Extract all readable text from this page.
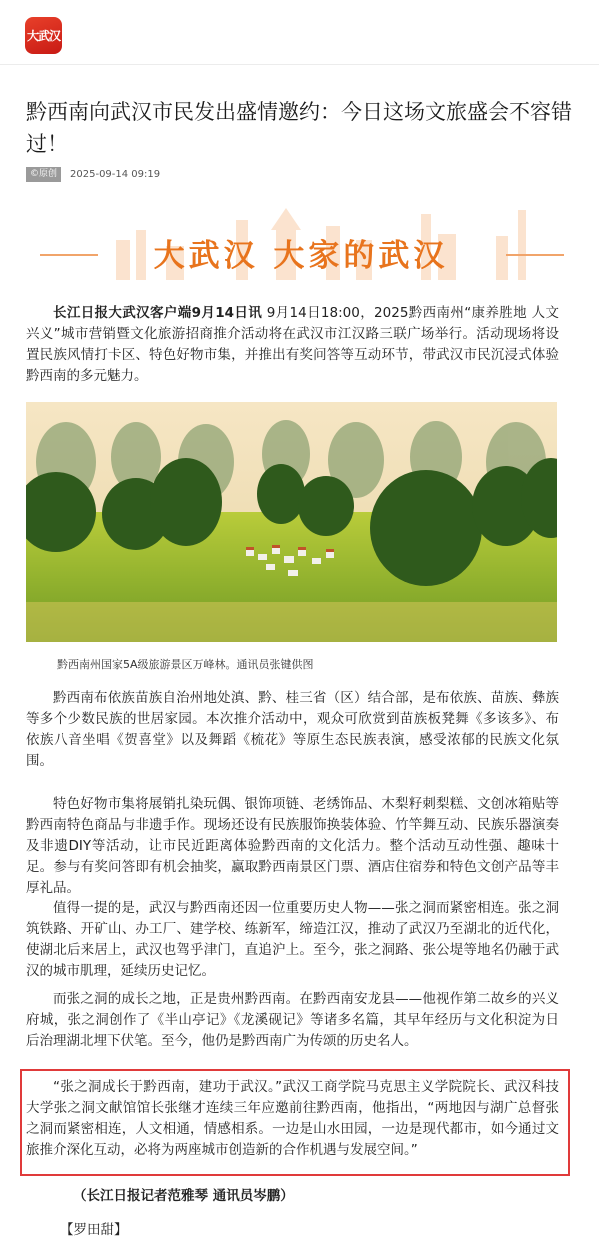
大武汉
黔西南向武汉市民发出盛情邀约：今日这场文旅盛会不容错过！
©原创	2025-09-14 09:19
大武汉 大家的武汉

长江日报大武汉客户端9月14日讯 9月14日18:00，2025黔西南州“康养胜地 人文兴义”城市营销暨文化旅游招商推介活动将在武汉市江汉路三联广场举行。活动现场将设置民族风情打卡区、特色好物市集，并推出有奖问答等互动环节，带武汉市民沉浸式体验黔西南的多元魅力。

黔西南州国家5A级旅游景区万峰林。通讯员张键供图

黔西南布依族苗族自治州地处滇、黔、桂三省（区）结合部，是布依族、苗族、彝族等多个少数民族的世居家园。本次推介活动中，观众可欣赏到苗族板凳舞《多该多》、布依族八音坐唱《贺喜堂》以及舞蹈《梳花》等原生态民族表演，感受浓郁的民族文化氛围。

特色好物市集将展销扎染玩偶、银饰项链、老绣饰品、木梨籽刺梨糕、文创冰箱贴等黔西南特色商品与非遗手作。现场还设有民族服饰换装体验、竹竿舞互动、民族乐器演奏及非遗DIY等活动，让市民近距离体验黔西南的文化活力。整个活动互动性强、趣味十足。参与有奖问答即有机会抽奖，赢取黔西南景区门票、酒店住宿券和特色文创产品等丰厚礼品。

值得一提的是，武汉与黔西南还因一位重要历史人物——张之洞而紧密相连。张之洞筑铁路、开矿山、办工厂、建学校、练新军，缔造江汉，推动了武汉乃至湖北的近代化，使湖北后来居上，武汉也驾乎津门，直追沪上。至今，张之洞路、张公堤等地名仍融于武汉的城市肌理，延续历史记忆。

而张之洞的成长之地，正是贵州黔西南。在黔西南安龙县——他视作第二故乡的兴义府城，张之洞创作了《半山亭记》《龙溪砚记》等诸多名篇，其早年经历与文化积淀为日后治理湖北埋下伏笔。至今，他仍是黔西南广为传颂的历史名人。

“张之洞成长于黔西南，建功于武汉。”武汉工商学院马克思主义学院院长、武汉科技大学张之洞文献馆馆长张继才连续三年应邀前往黔西南，他指出，“两地因与湖广总督张之洞而紧密相连，人文相通，情感相系。一边是山水田园，一边是现代都市，如今通过文旅推介深化互动，必将为两座城市创造新的合作机遇与发展空间。”

（长江日报记者范雅琴 通讯员岑鹏）
【罗田甜】
